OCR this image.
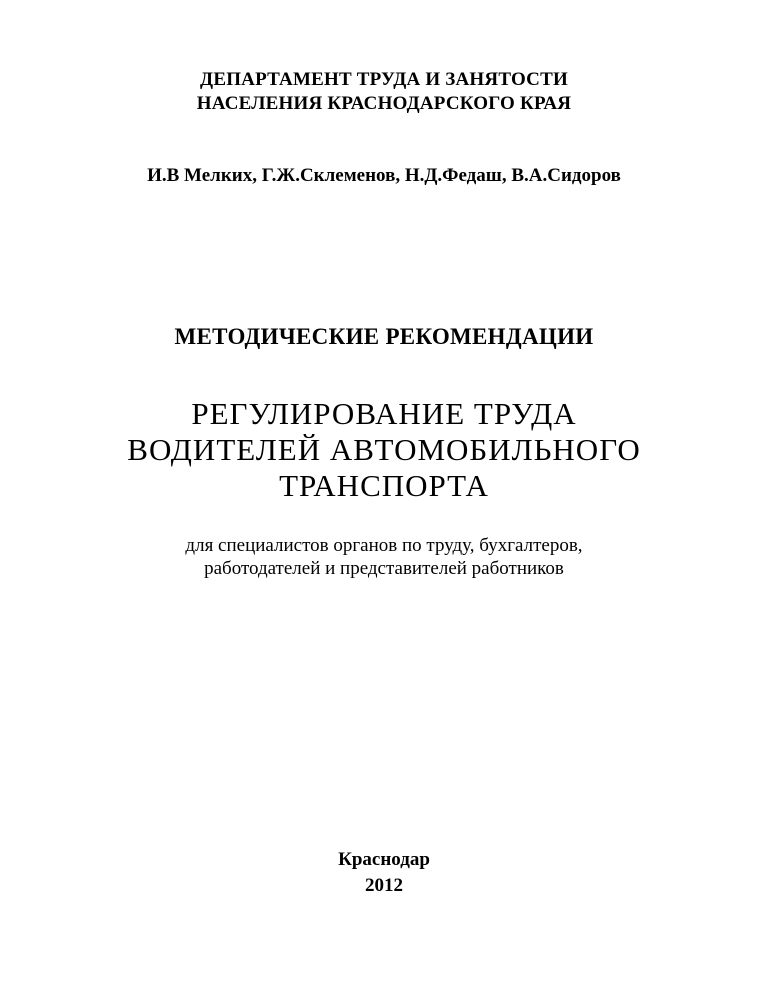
ДЕПАРТАМЕНТ ТРУДА И ЗАНЯТОСТИ
НАСЕЛЕНИЯ КРАСНОДАРСКОГО КРАЯ
И.В Мелких, Г.Ж.Склеменов, Н.Д.Федаш, В.А.Сидоров
МЕТОДИЧЕСКИЕ РЕКОМЕНДАЦИИ
РЕГУЛИРОВАНИЕ ТРУДА
ВОДИТЕЛЕЙ АВТОМОБИЛЬНОГО
ТРАНСПОРТА
для специалистов органов по труду, бухгалтеров,
работодателей и представителей работников
Краснодар
2012
